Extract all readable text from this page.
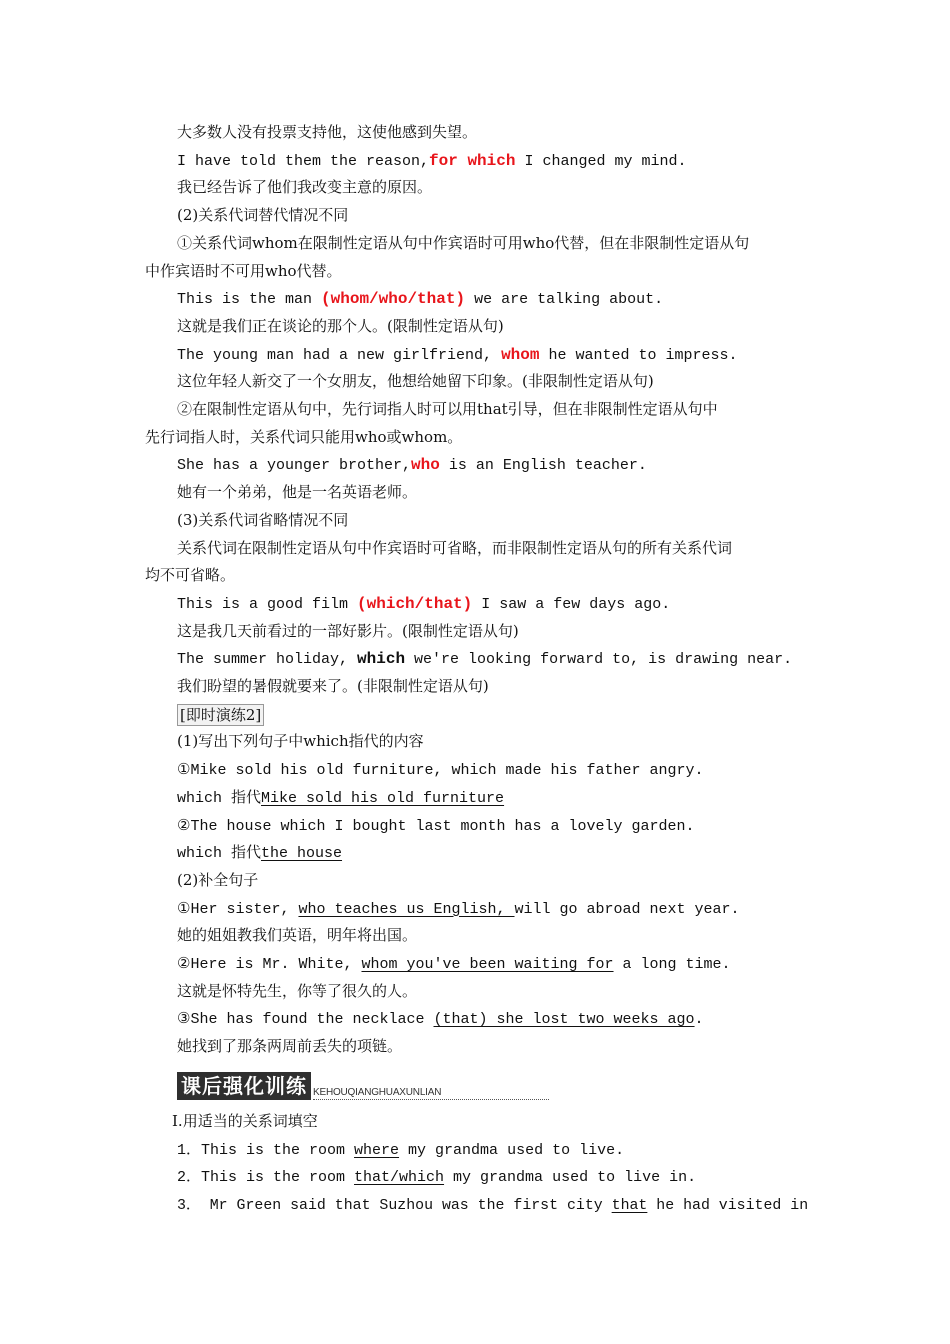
大多数人没有投票支持他，这使他感到失望。
I have told them the reason,for which I changed my mind.
我已经告诉了他们我改变主意的原因。
(2)关系代词替代情况不同
①关系代词whom在限制性定语从句中作宾语时可用who代替，但在非限制性定语从句
中作宾语时不可用who代替。
This is the man (whom/who/that) we are talking about.
这就是我们正在谈论的那个人。(限制性定语从句)
The young man had a new girlfriend, whom he wanted to impress.
这位年轻人新交了一个女朋友，他想给她留下印象。(非限制性定语从句)
②在限制性定语从句中，先行词指人时可以用that引导，但在非限制性定语从句中
先行词指人时，关系代词只能用who或whom。
She has a younger brother,who is an English teacher.
她有一个弟弟，他是一名英语老师。
(3)关系代词省略情况不同
关系代词在限制性定语从句中作宾语时可省略，而非限制性定语从句的所有关系代词
均不可省略。
This is a good film (which/that) I saw a few days ago.
这是我几天前看过的一部好影片。(限制性定语从句)
The summer holiday, which we're looking forward to, is drawing near.
我们盼望的暑假就要来了。(非限制性定语从句)
[即时演练2]
(1)写出下列句子中which指代的内容
①Mike sold his old furniture, which made his father angry.
which 指代Mike sold his old furniture
②The house which I bought last month has a lovely garden.
which 指代the house
(2)补全句子
①Her sister, who teaches us English, will go abroad next year.
她的姐姐教我们英语，明年将出国。
②Here is Mr. White, whom you've been waiting for a long time.
这就是怀特先生，你等了很久的人。
③She has found the necklace (that) she lost two weeks ago.
她找到了那条两周前丢失的项链。
课后强化训练 KEHOUQIANGHUAXUNLIAN
Ⅰ.用适当的关系词填空
1．This is the room where my grandma used to live.
2．This is the room that/which my grandma used to live in.
3． Mr Green said that Suzhou was the first city that he had visited in
